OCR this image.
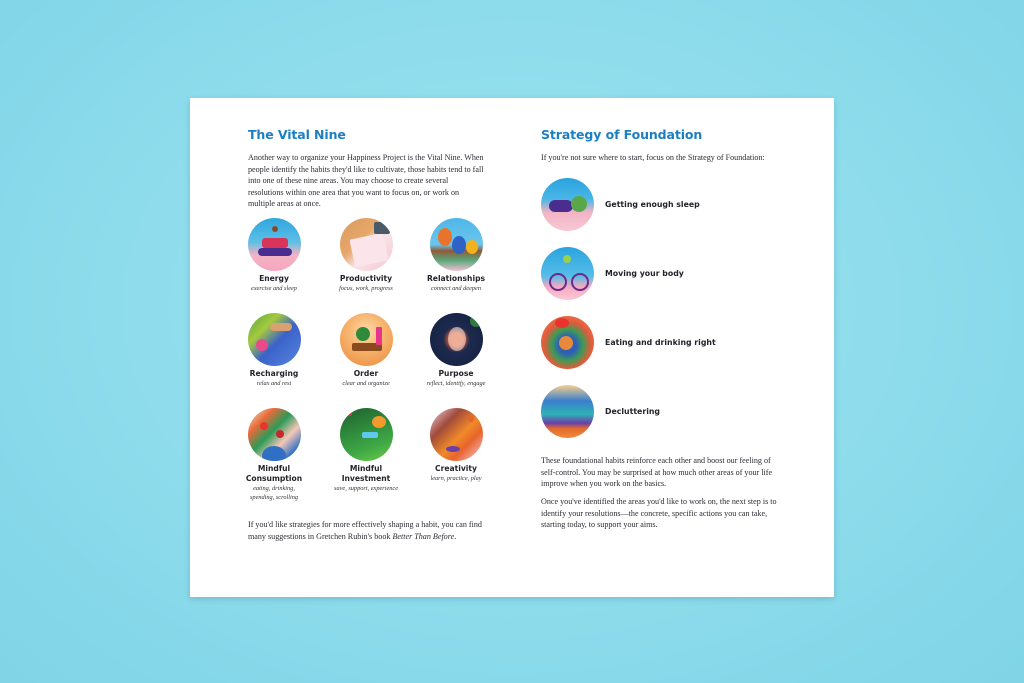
The Vital Nine

Another way to organize your Happiness Project is the Vital Nine. When people identify the habits they'd like to cultivate, those habits tend to fall into one of these nine areas. You may choose to create several resolutions within one area that you want to focus on, or work on multiple areas at once.

Energy
exercise and sleep
Productivity
focus, work, progress
Relationships
connect and deepen
Recharging
relax and rest
Order
clear and organize
Purpose
reflect, identify, engage
Mindful
Consumption
eating, drinking,
spending, scrolling
Mindful
Investment
save, support, experience
Creativity
learn, practice, play

If you'd like strategies for more effectively shaping a habit, you can find many suggestions in Gretchen Rubin's book Better Than Before.

Strategy of Foundation

If you're not sure where to start, focus on the Strategy of Foundation:

Getting enough sleep
Moving your body
Eating and drinking right
Decluttering

These foundational habits reinforce each other and boost our feeling of self-control. You may be surprised at how much other areas of your life improve when you work on the basics.

Once you've identified the areas you'd like to work on, the next step is to identify your resolutions—the concrete, specific actions you can take, starting today, to support your aims.
